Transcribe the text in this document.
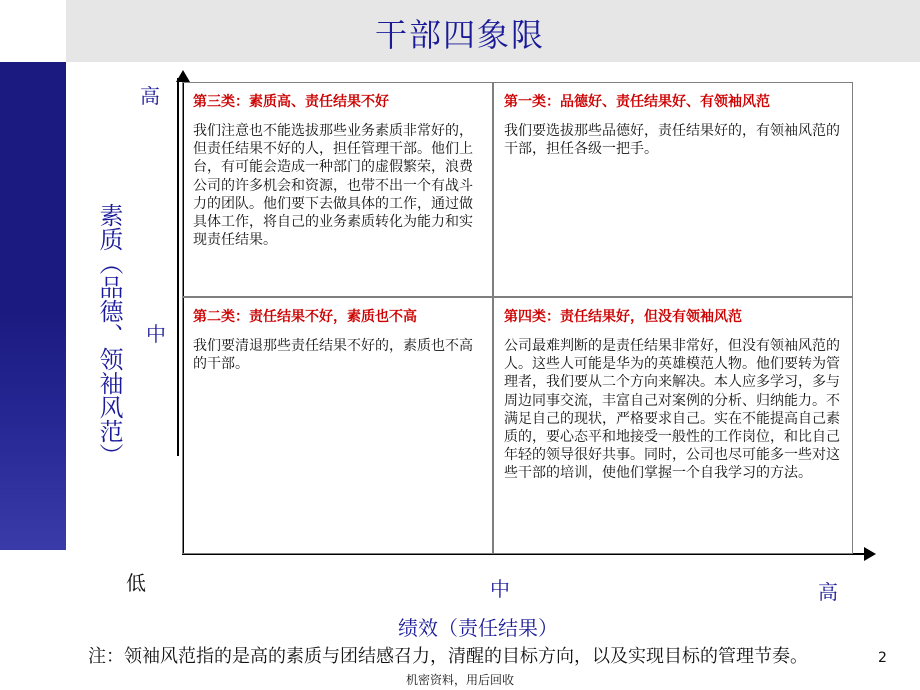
干部四象限
第三类：素质高、责任结果不好
我们注意也不能选拔那些业务素质非常好的，但责任结果不好的人，担任管理干部。他们上台，有可能会造成一种部门的虚假繁荣，浪费公司的许多机会和资源，也带不出一个有战斗力的团队。他们要下去做具体的工作，通过做具体工作，将自己的业务素质转化为能力和实现责任结果。
第一类：品德好、责任结果好、有领袖风范
我们要选拔那些品德好，责任结果好的，有领袖风范的干部，担任各级一把手。
第二类：责任结果不好，素质也不高
我们要清退那些责任结果不好的，素质也不高的干部。
第四类：责任结果好，但没有领袖风范
公司最难判断的是责任结果非常好，但没有领袖风范的人。这些人可能是华为的英雄模范人物。他们要转为管理者，我们要从二个方向来解决。本人应多学习，多与周边同事交流，丰富自己对案例的分析、归纳能力。不满足自己的现状，严格要求自己。实在不能提高自己素质的，要心态平和地接受一般性的工作岗位，和比自己年轻的领导很好共事。同时，公司也尽可能多一些对这些干部的培训，使他们掌握一个自我学习的方法。
高
中
低
素质（品德、领袖风范）
中	高
绩效（责任结果）
注：领袖风范指的是高的素质与团结感召力，清醒的目标方向，以及实现目标的管理节奏。	2
机密资料，用后回收
